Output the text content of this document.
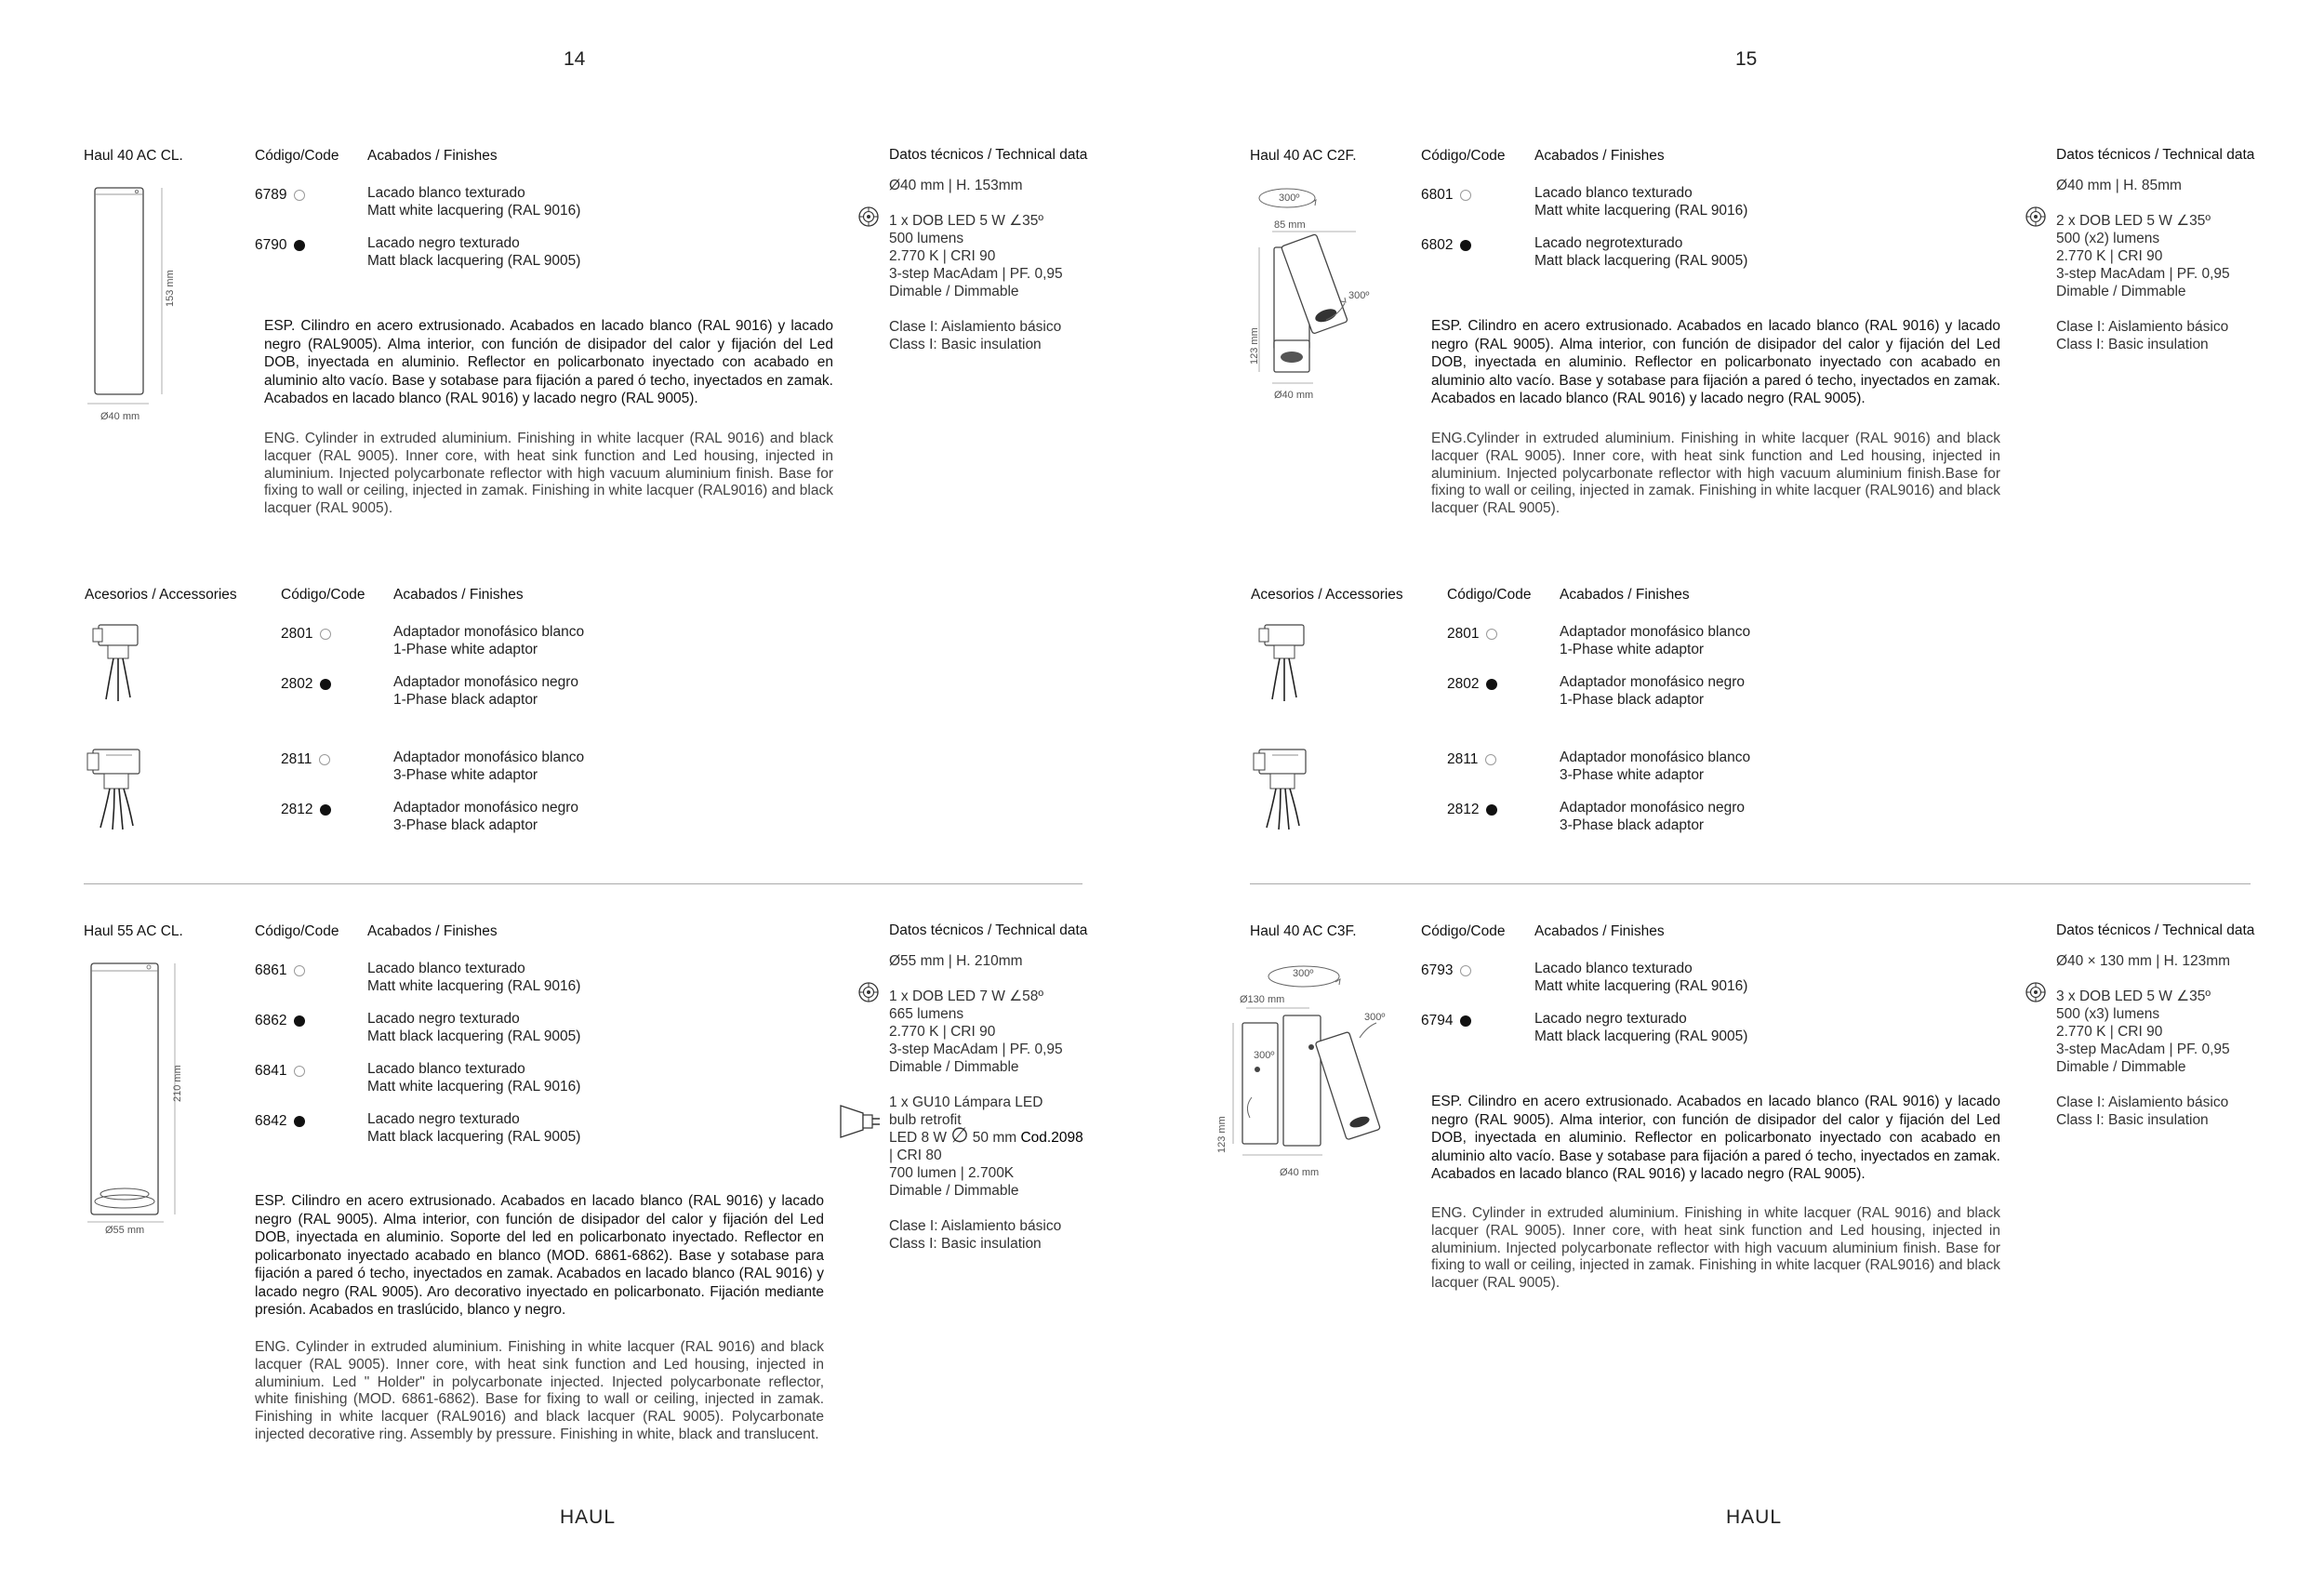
14	15
HAUL	HAUL
Haul 40 AC CL.	Código/Code Acabados / Finishes	Datos técnicos / Technical data
153 mm
Ø40 mm
6789	Lacado blanco texturado
Matt white lacquering (RAL 9016)
6790	Lacado negro texturado
Matt black lacquering (RAL 9005)
ESP. Cilindro en acero extrusionado. Acabados en lacado blanco (RAL 9016) y lacado negro (RAL9005). Alma interior, con función de disipador del calor y fijación del Led DOB, inyectada en aluminio. Reflector en policarbonato inyectado con acabado en aluminio alto vacío. Base y sotabase para fijación a pared ó techo, inyectados en zamak. Acabados en lacado blanco (RAL 9016) y lacado negro (RAL 9005).
ENG. Cylinder in extruded aluminium. Finishing in white lacquer (RAL 9016) and black lacquer (RAL 9005). Inner core, with heat sink function and Led housing, injected in aluminium. Injected polycarbonate reflector with high vacuum aluminium finish. Base for fixing to wall or ceiling, injected in zamak. Finishing in white lacquer (RAL9016) and black lacquer (RAL 9005).
Ø40 mm | H. 153mm
1 x DOB LED 5 W ∠35º
500 lumens
2.770 K | CRI 90
3-step MacAdam | PF. 0,95
Dimable / Dimmable
Clase I: Aislamiento básico
Class I: Basic insulation
Haul 40 AC C2F.	Código/Code Acabados / Finishes	Datos técnicos / Technical data
300º
300º
85 mm
123 mm
Ø40 mm
6801	Lacado blanco texturado
Matt white lacquering (RAL 9016)
6802	Lacado negrotexturado
Matt black lacquering (RAL 9005)
ESP. Cilindro en acero extrusionado. Acabados en lacado blanco (RAL 9016) y lacado negro (RAL 9005). Alma interior, con función de disipador del calor y fijación del Led DOB, inyectada en aluminio. Reflector en policarbonato inyectado con acabado en aluminio alto vacío. Base y sotabase para fijación a pared ó techo, inyectados en zamak. Acabados en lacado blanco (RAL 9016) y lacado negro (RAL 9005).
ENG.Cylinder in extruded aluminium. Finishing in white lacquer (RAL 9016) and black lacquer (RAL 9005). Inner core, with heat sink function and Led housing, injected in aluminium. Injected polycarbonate reflector with high vacuum aluminium finish.Base for fixing to wall or ceiling, injected in zamak. Finishing in white lacquer (RAL9016) and black lacquer (RAL 9005).
Ø40 mm | H. 85mm
2 x DOB LED 5 W ∠35º
500 (x2) lumens
2.770 K | CRI 90
3-step MacAdam | PF. 0,95
Dimable / Dimmable
Clase I: Aislamiento básico
Class I: Basic insulation
Acesorios / Accessories	Código/Code Acabados / Finishes
2801	Adaptador monofásico blanco
1-Phase white adaptor
2802	Adaptador monofásico negro
1-Phase black adaptor
2811	Adaptador monofásico blanco
3-Phase white adaptor
2812	Adaptador monofásico negro
3-Phase black adaptor
Acesorios / Accessories	Código/Code Acabados / Finishes
2801	Adaptador monofásico blanco
1-Phase white adaptor
2802	Adaptador monofásico negro
1-Phase black adaptor
2811	Adaptador monofásico blanco
3-Phase white adaptor
2812	Adaptador monofásico negro
3-Phase black adaptor
Haul 55 AC CL.	Código/Code Acabados / Finishes	Datos técnicos / Technical data
210 mm
Ø55 mm
6861	Lacado blanco texturado
Matt white lacquering (RAL 9016)
6862	Lacado negro texturado
Matt black lacquering (RAL 9005)
6841	Lacado blanco texturado
Matt white lacquering (RAL 9016)
6842	Lacado negro texturado
Matt black lacquering (RAL 9005)
ESP. Cilindro en acero extrusionado. Acabados en lacado blanco (RAL 9016) y lacado negro (RAL 9005). Alma interior, con función de disipador del calor y fijación del Led DOB, inyectada en aluminio. Soporte del led en policarbonato inyectado. Reflector en policarbonato inyectado acabado en blanco (MOD. 6861-6862). Base y sotabase para fijación a pared ó techo, inyectados en zamak. Acabados en lacado blanco (RAL 9016) y lacado negro (RAL 9005). Aro decorativo inyectado en policarbonato. Fijación mediante presión. Acabados en traslúcido, blanco y negro.
ENG. Cylinder in extruded aluminium. Finishing in white lacquer (RAL 9016) and black lacquer (RAL 9005). Inner core, with heat sink function and Led housing, injected in aluminium. Led " Holder" in polycarbonate injected. Injected polycarbonate reflector, white finishing (MOD. 6861-6862). Base for fixing to wall or ceiling, injected in zamak. Finishing in white lacquer (RAL9016) and black lacquer (RAL 9005). Polycarbonate injected decorative ring. Assembly by pressure. Finishing in white, black and translucent.
Ø55 mm | H. 210mm
1 x DOB LED 7 W ∠58º
665 lumens
2.770 K | CRI 90
3-step MacAdam | PF. 0,95
Dimable / Dimmable
1 x GU10 Lámpara LED
bulb retrofit
LED 8 W ∅ 50 mm Cod.2098
| CRI 80
700 lumen | 2.700K
Dimable / Dimmable
Clase I: Aislamiento básico
Class I: Basic insulation
Haul 40 AC C3F.	Código/Code Acabados / Finishes	Datos técnicos / Technical data
300º
300º
300º
Ø130 mm
123 mm
Ø40 mm
6793	Lacado blanco texturado
Matt white lacquering (RAL 9016)
6794	Lacado negro texturado
Matt black lacquering (RAL 9005)
ESP. Cilindro en acero extrusionado. Acabados en lacado blanco (RAL 9016) y lacado negro (RAL 9005). Alma interior, con función de disipador del calor y fijación del Led DOB, inyectada en aluminio. Reflector en policarbonato inyectado con acabado en aluminio alto vacío. Base y sotabase para fijación a pared ó techo, inyectados en zamak. Acabados en lacado blanco (RAL 9016) y lacado negro (RAL 9005).
ENG. Cylinder in extruded aluminium. Finishing in white lacquer (RAL 9016) and black lacquer (RAL 9005). Inner core, with heat sink function and Led housing, injected in aluminium. Injected polycarbonate reflector with high vacuum aluminium finish. Base for fixing to wall or ceiling, injected in zamak. Finishing in white lacquer (RAL9016) and black lacquer (RAL 9005).
Ø40 × 130 mm | H. 123mm
3 x DOB LED 5 W ∠35º
500 (x3) lumens
2.770 K | CRI 90
3-step MacAdam | PF. 0,95
Dimable / Dimmable
Clase I: Aislamiento básico
Class I: Basic insulation
